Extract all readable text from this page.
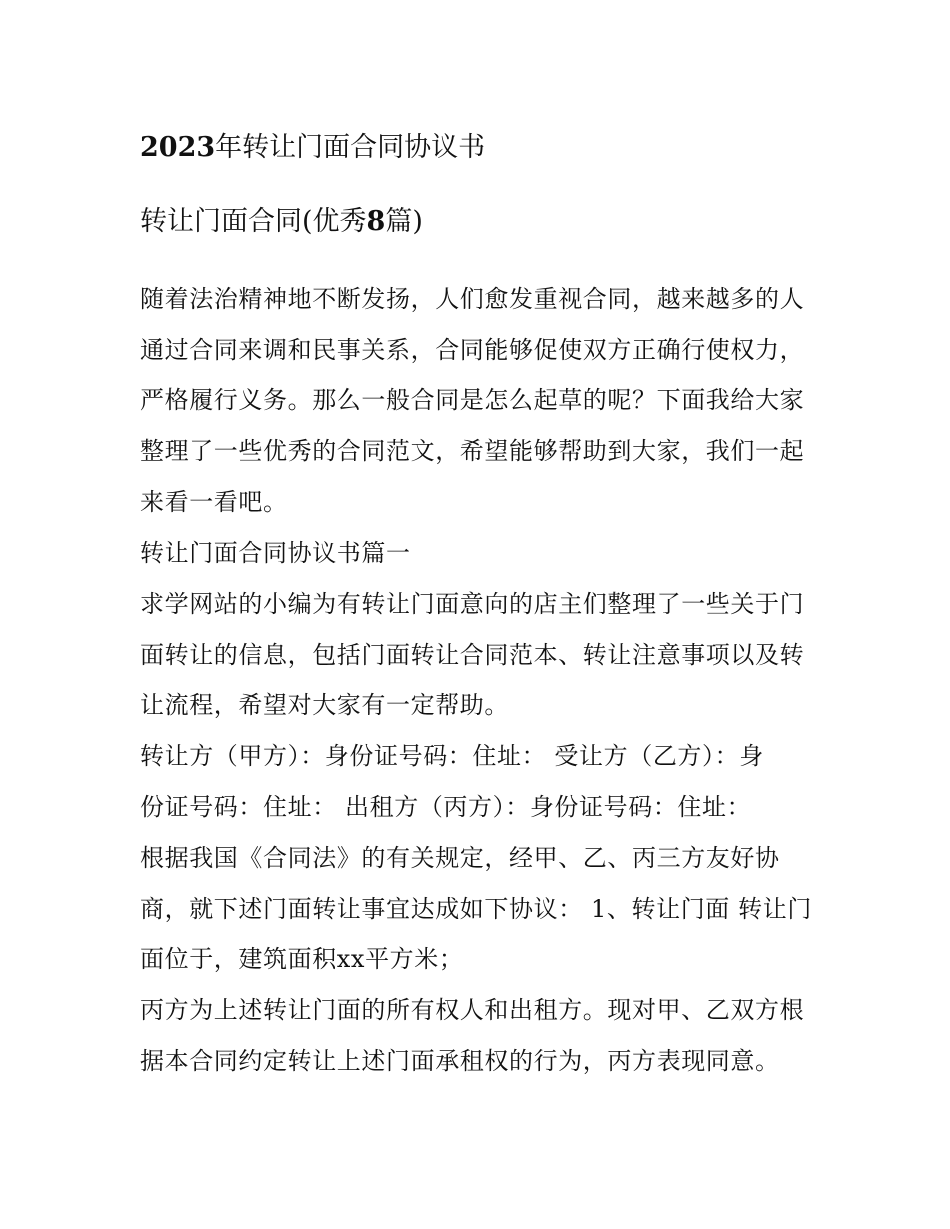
2023年转让门面合同协议书
转让门面合同(优秀8篇)
随着法治精神地不断发扬，人们愈发重视合同，越来越多的人
通过合同来调和民事关系，合同能够促使双方正确行使权力，
严格履行义务。那么一般合同是怎么起草的呢？下面我给大家
整理了一些优秀的合同范文，希望能够帮助到大家，我们一起
来看一看吧。
转让门面合同协议书篇一
求学网站的小编为有转让门面意向的店主们整理了一些关于门
面转让的信息，包括门面转让合同范本、转让注意事项以及转
让流程，希望对大家有一定帮助。
转让方（甲方）：身份证号码：住址： 受让方（乙方）：身
份证号码：住址： 出租方（丙方）：身份证号码：住址：
根据我国《合同法》的有关规定，经甲、乙、丙三方友好协
商，就下述门面转让事宜达成如下协议： 1、转让门面 转让门
面位于，建筑面积xx平方米；
丙方为上述转让门面的所有权人和出租方。现对甲、乙双方根
据本合同约定转让上述门面承租权的行为，丙方表现同意。
